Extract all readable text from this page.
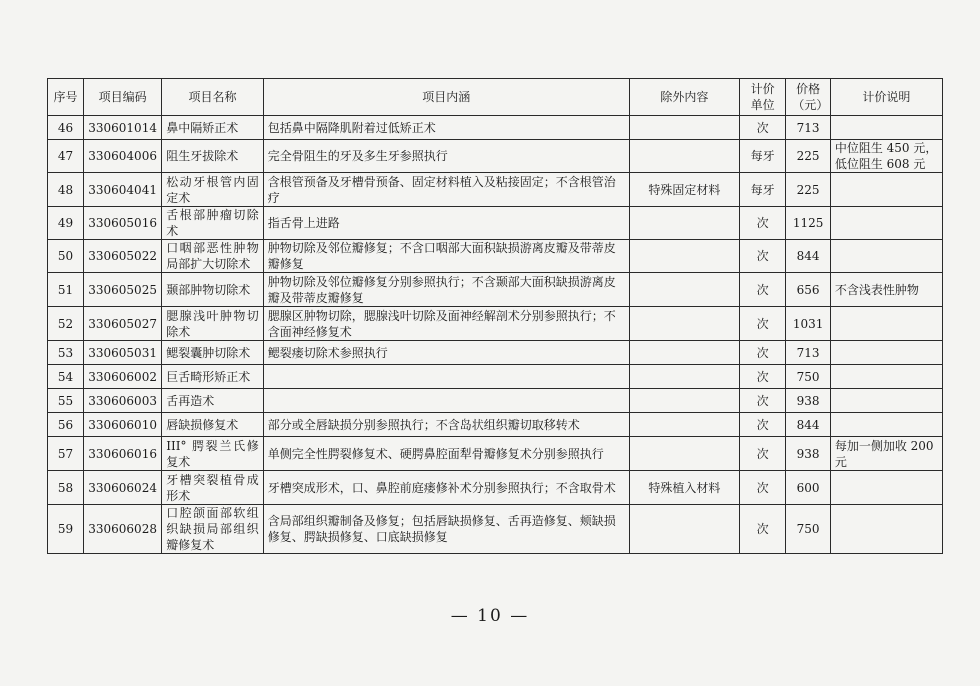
序号	项目编码	项目名称	项目内涵	除外内容	计价单位	价格（元）	计价说明
46	330601014	鼻中隔矫正术	包括鼻中隔降肌附着过低矫正术		次	713	
47	330604006	阻生牙拔除术	完全骨阻生的牙及多生牙参照执行		每牙	225	中位阻生 450 元，低位阻生 608 元
48	330604041	松动牙根管内固定术	含根管预备及牙槽骨预备、固定材料植入及粘接固定；不含根管治疗	特殊固定材料	每牙	225	
49	330605016	舌根部肿瘤切除术	指舌骨上进路		次	1125	
50	330605022	口咽部恶性肿物局部扩大切除术	肿物切除及邻位瓣修复；不含口咽部大面积缺损游离皮瓣及带蒂皮瓣修复		次	844	
51	330605025	颞部肿物切除术	肿物切除及邻位瓣修复分别参照执行；不含颞部大面积缺损游离皮瓣及带蒂皮瓣修复		次	656	不含浅表性肿物
52	330605027	腮腺浅叶肿物切除术	腮腺区肿物切除，腮腺浅叶切除及面神经解剖术分别参照执行；不含面神经修复术		次	1031	
53	330605031	鳃裂囊肿切除术	鳃裂瘘切除术参照执行		次	713	
54	330606002	巨舌畸形矫正术			次	750	
55	330606003	舌再造术			次	938	
56	330606010	唇缺损修复术	部分或全唇缺损分别参照执行；不含岛状组织瓣切取移转术		次	844	
57	330606016	III° 腭裂兰氏修复术	单侧完全性腭裂修复术、硬腭鼻腔面犁骨瓣修复术分别参照执行		次	938	每加一侧加收 200 元
58	330606024	牙槽突裂植骨成形术	牙槽突成形术，口、鼻腔前庭瘘修补术分别参照执行；不含取骨术	特殊植入材料	次	600	
59	330606028	口腔颌面部软组织缺损局部组织瓣修复术	含局部组织瓣制备及修复；包括唇缺损修复、舌再造修复、颊缺损修复、腭缺损修复、口底缺损修复		次	750	
— 10 —
